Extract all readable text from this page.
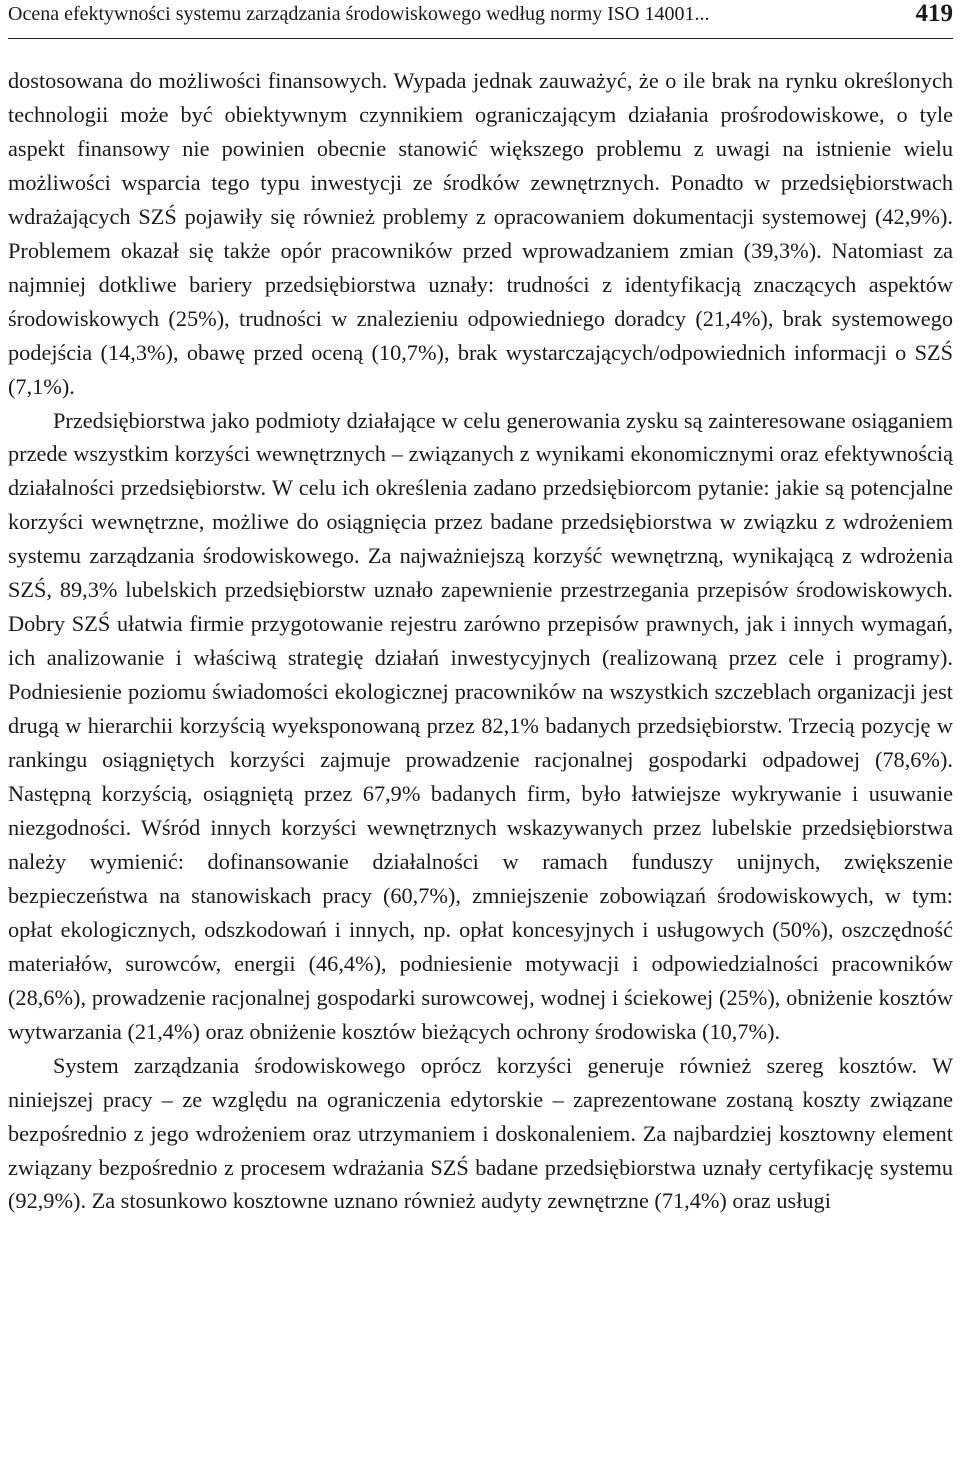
Ocena efektywności systemu zarządzania środowiskowego według normy ISO 14001...	419

dostosowana do możliwości finansowych. Wypada jednak zauważyć, że o ile brak na rynku określonych technologii może być obiektywnym czynnikiem ograniczającym działania prośrodowiskowe, o tyle aspekt finansowy nie powinien obecnie stanowić większego problemu z uwagi na istnienie wielu możliwości wsparcia tego typu inwestycji ze środków zewnętrznych. Ponadto w przedsiębiorstwach wdrażających SZŚ pojawiły się również problemy z opracowaniem dokumentacji systemowej (42,9%). Problemem okazał się także opór pracowników przed wprowadzaniem zmian (39,3%). Natomiast za najmniej dotkliwe bariery przedsiębiorstwa uznały: trudności z identyfikacją znaczących aspektów środowiskowych (25%), trudności w znalezieniu odpowiedniego doradcy (21,4%), brak systemowego podejścia (14,3%), obawę przed oceną (10,7%), brak wystarczających/odpowiednich informacji o SZŚ (7,1%).

Przedsiębiorstwa jako podmioty działające w celu generowania zysku są zainteresowane osiąganiem przede wszystkim korzyści wewnętrznych – związanych z wynikami ekonomicznymi oraz efektywnością działalności przedsiębiorstw. W celu ich określenia zadano przedsiębiorcom pytanie: jakie są potencjalne korzyści wewnętrzne, możliwe do osiągnięcia przez badane przedsiębiorstwa w związku z wdrożeniem systemu zarządzania środowiskowego. Za najważniejszą korzyść wewnętrzną, wynikającą z wdrożenia SZŚ, 89,3% lubelskich przedsiębiorstw uznało zapewnienie przestrzegania przepisów środowiskowych. Dobry SZŚ ułatwia firmie przygotowanie rejestru zarówno przepisów prawnych, jak i innych wymagań, ich analizowanie i właściwą strategię działań inwestycyjnych (realizowaną przez cele i programy). Podniesienie poziomu świadomości ekologicznej pracowników na wszystkich szczeblach organizacji jest drugą w hierarchii korzyścią wyeksponowaną przez 82,1% badanych przedsiębiorstw. Trzecią pozycję w rankingu osiągniętych korzyści zajmuje prowadzenie racjonalnej gospodarki odpadowej (78,6%). Następną korzyścią, osiągniętą przez 67,9% badanych firm, było łatwiejsze wykrywanie i usuwanie niezgodności. Wśród innych korzyści wewnętrznych wskazywanych przez lubelskie przedsiębiorstwa należy wymienić: dofinansowanie działalności w ramach funduszy unijnych, zwiększenie bezpieczeństwa na stanowiskach pracy (60,7%), zmniejszenie zobowiązań środowiskowych, w tym: opłat ekologicznych, odszkodowań i innych, np. opłat koncesyjnych i usługowych (50%), oszczędność materiałów, surowców, energii (46,4%), podniesienie motywacji i odpowiedzialności pracowników (28,6%), prowadzenie racjonalnej gospodarki surowcowej, wodnej i ściekowej (25%), obniżenie kosztów wytwarzania (21,4%) oraz obniżenie kosztów bieżących ochrony środowiska (10,7%).

System zarządzania środowiskowego oprócz korzyści generuje również szereg kosztów. W niniejszej pracy – ze względu na ograniczenia edytorskie – zaprezentowane zostaną koszty związane bezpośrednio z jego wdrożeniem oraz utrzymaniem i doskonaleniem. Za najbardziej kosztowny element związany bezpośrednio z procesem wdrażania SZŚ badane przedsiębiorstwa uznały certyfikację systemu (92,9%). Za stosunkowo kosztowne uznano również audyty zewnętrzne (71,4%) oraz usługi
